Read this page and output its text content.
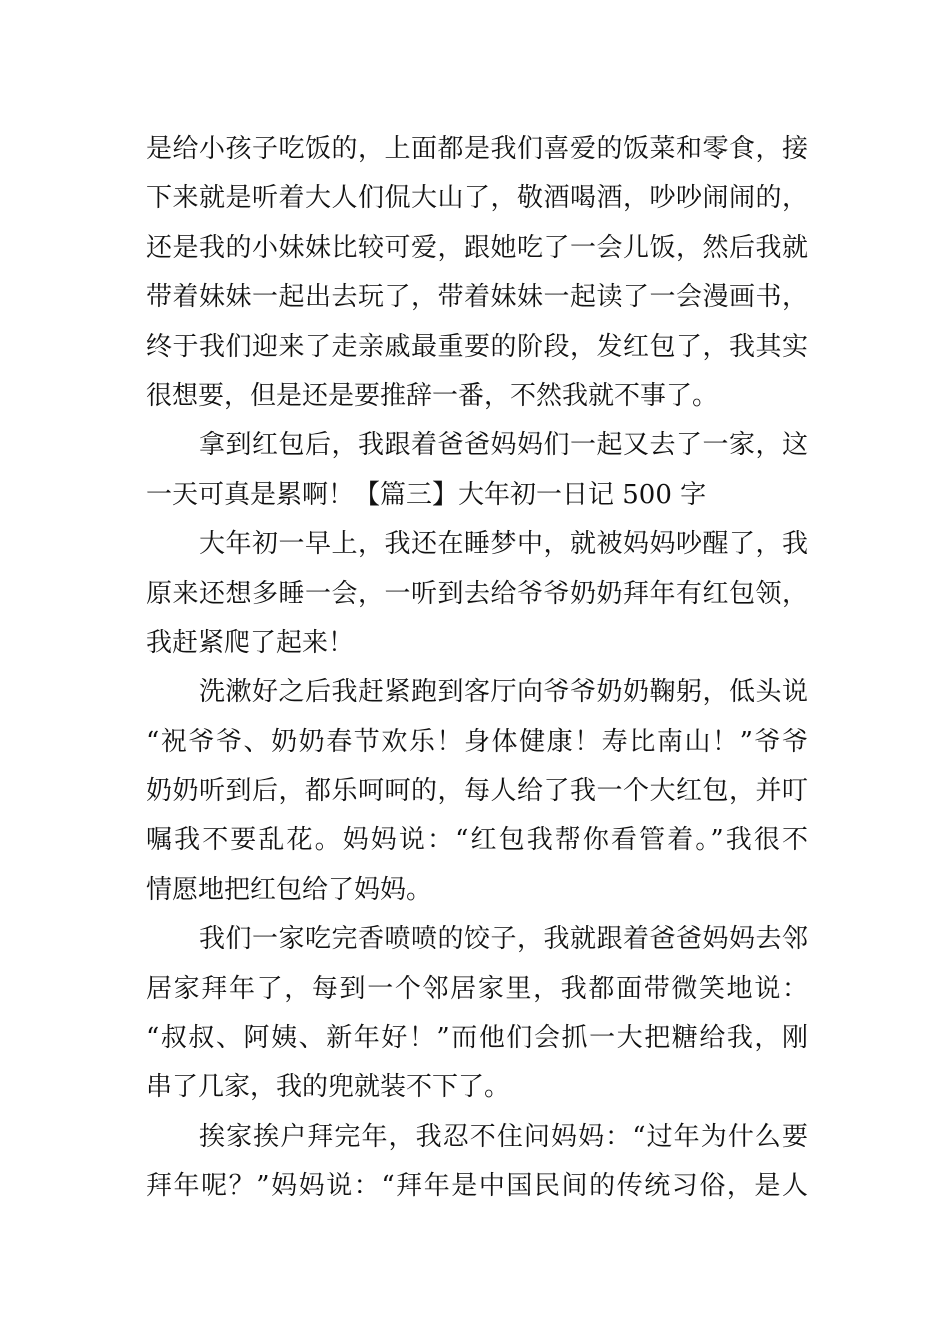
是给小孩子吃饭的，上面都是我们喜爱的饭菜和零食，接
下来就是听着大人们侃大山了，敬酒喝酒，吵吵闹闹的，
还是我的小妹妹比较可爱，跟她吃了一会儿饭，然后我就
带着妹妹一起出去玩了，带着妹妹一起读了一会漫画书，
终于我们迎来了走亲戚最重要的阶段，发红包了，我其实
很想要，但是还是要推辞一番，不然我就不事了。
拿到红包后，我跟着爸爸妈妈们一起又去了一家，这
一天可真是累啊！【篇三】大年初一日记 500 字
大年初一早上，我还在睡梦中，就被妈妈吵醒了，我
原来还想多睡一会，一听到去给爷爷奶奶拜年有红包领，
我赶紧爬了起来！
洗漱好之后我赶紧跑到客厅向爷爷奶奶鞠躬，低头说
“祝爷爷、奶奶春节欢乐！身体健康！寿比南山！”爷爷
奶奶听到后，都乐呵呵的，每人给了我一个大红包，并叮
嘱我不要乱花。妈妈说：“红包我帮你看管着。”我很不
情愿地把红包给了妈妈。
我们一家吃完香喷喷的饺子，我就跟着爸爸妈妈去邻
居家拜年了，每到一个邻居家里，我都面带微笑地说：
“叔叔、阿姨、新年好！”而他们会抓一大把糖给我，刚
串了几家，我的兜就装不下了。
挨家挨户拜完年，我忍不住问妈妈：“过年为什么要
拜年呢？”妈妈说：“拜年是中国民间的传统习俗，是人
